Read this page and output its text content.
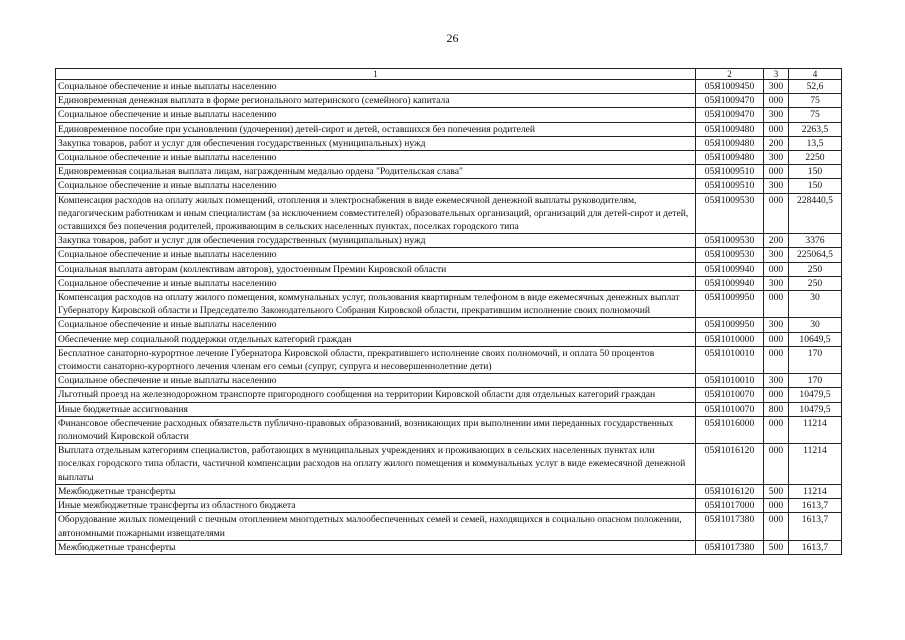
26
1	2	3	4
Социальное обеспечение и иные выплаты населению	05Я1009450	300	52,6
Единовременная денежная выплата в форме регионального материнского (семейного) капитала	05Я1009470	000	75
Социальное обеспечение и иные выплаты населению	05Я1009470	300	75
Единовременное пособие при усыновлении (удочерении) детей-сирот и детей, оставшихся без попечения родителей	05Я1009480	000	2263,5
Закупка товаров, работ и услуг для обеспечения государственных (муниципальных) нужд	05Я1009480	200	13,5
Социальное обеспечение и иные выплаты населению	05Я1009480	300	2250
Единовременная социальная выплата лицам, награжденным медалью ордена "Родительская слава"	05Я1009510	000	150
Социальное обеспечение и иные выплаты населению	05Я1009510	300	150
Компенсация расходов на оплату жилых помещений, отопления и электроснабжения в виде ежемесячной денежной выплаты руководителям, педагогическим работникам и иным специалистам (за исключением совместителей) образовательных организаций, организаций для детей-сирот и детей, оставшихся без попечения родителей, проживающим в сельских населенных пунктах, поселках городского типа	05Я1009530	000	228440,5
Закупка товаров, работ и услуг для обеспечения государственных (муниципальных) нужд	05Я1009530	200	3376
Социальное обеспечение и иные выплаты населению	05Я1009530	300	225064,5
Социальная выплата авторам (коллективам авторов), удостоенным Премии Кировской области	05Я1009940	000	250
Социальное обеспечение и иные выплаты населению	05Я1009940	300	250
Компенсация расходов на оплату жилого помещения, коммунальных услуг, пользования квартирным телефоном в виде ежемесячных денежных выплат Губернатору Кировской области и Председателю Законодательного Собрания Кировской области, прекратившим исполнение своих полномочий	05Я1009950	000	30
Социальное обеспечение и иные выплаты населению	05Я1009950	300	30
Обеспечение мер социальной поддержки отдельных категорий граждан	05Я1010000	000	10649,5
Бесплатное санаторно-курортное лечение Губернатора Кировской области, прекратившего исполнение своих полномочий, и оплата 50 процентов стоимости санаторно-курортного лечения членам его семьи (супруг, супруга и несовершеннолетние дети)	05Я1010010	000	170
Социальное обеспечение и иные выплаты населению	05Я1010010	300	170
Льготный проезд на железнодорожном транспорте пригородного сообщения на территории Кировской области для отдельных категорий граждан	05Я1010070	000	10479,5
Иные бюджетные ассигнования	05Я1010070	800	10479,5
Финансовое обеспечение расходных обязательств публично-правовых образований, возникающих при выполнении ими переданных государственных полномочий Кировской области	05Я1016000	000	11214
Выплата отдельным категориям специалистов, работающих в муниципальных учреждениях и проживающих в сельских населенных пунктах или поселках городского типа области, частичной компенсации расходов на оплату жилого помещения и коммунальных услуг в виде ежемесячной денежной выплаты	05Я1016120	000	11214
Межбюджетные трансферты	05Я1016120	500	11214
Иные межбюджетные трансферты из областного бюджета	05Я1017000	000	1613,7
Оборудование жилых помещений с печным отоплением многодетных малообеспеченных семей и семей, находящихся в социально опасном положении, автономными пожарными извещателями	05Я1017380	000	1613,7
Межбюджетные трансферты	05Я1017380	500	1613,7
